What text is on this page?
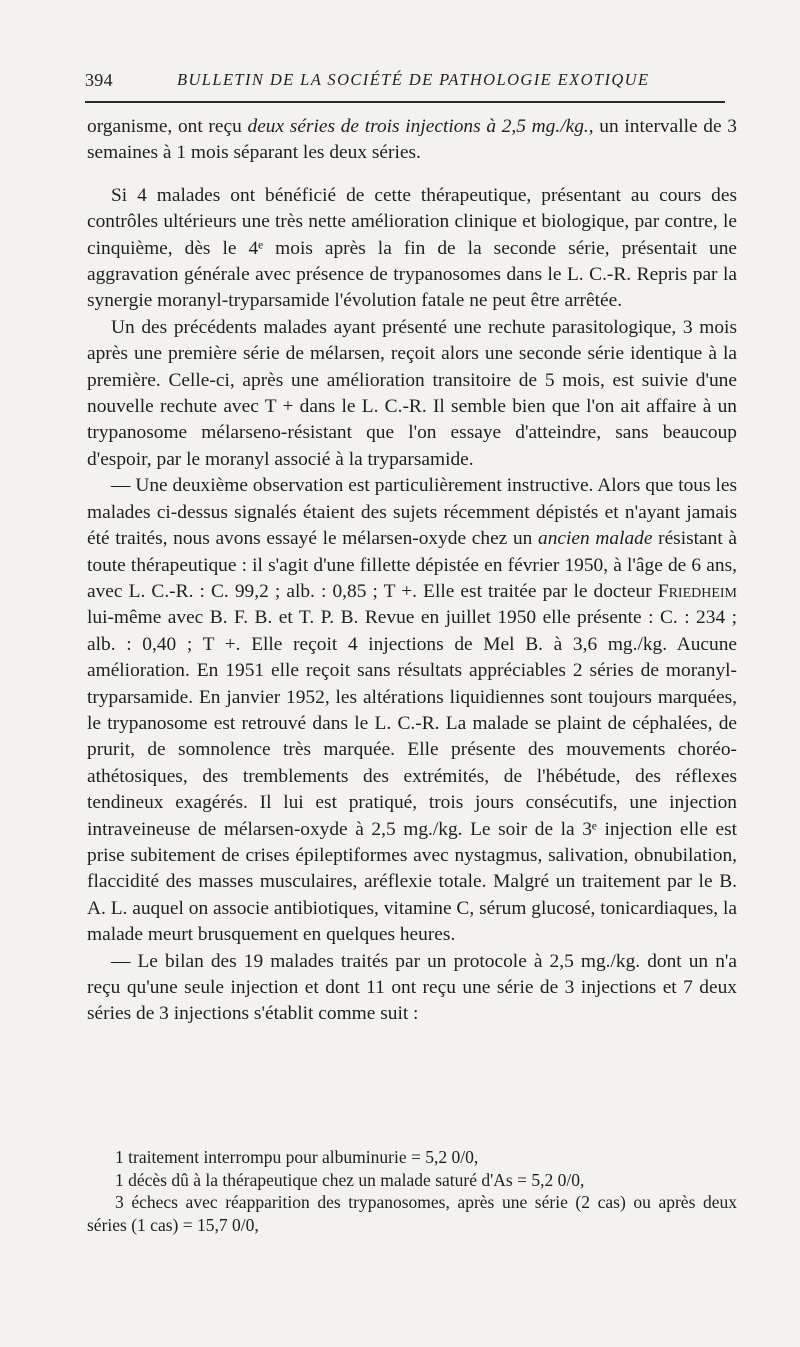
394	BULLETIN DE LA SOCIÉTÉ DE PATHOLOGIE EXOTIQUE

organisme, ont reçu deux séries de trois injections à 2,5 mg./kg., un intervalle de 3 semaines à 1 mois séparant les deux séries.

Si 4 malades ont bénéficié de cette thérapeutique, présentant au cours des contrôles ultérieurs une très nette amélioration clinique et biologique, par contre, le cinquième, dès le 4ᵉ mois après la fin de la seconde série, présentait une aggravation générale avec présence de trypanosomes dans le L. C.-R. Repris par la synergie moranyl-tryparsamide l'évolution fatale ne peut être arrêtée.

Un des précédents malades ayant présenté une rechute parasitologique, 3 mois après une première série de mélarsen, reçoit alors une seconde série identique à la première. Celle-ci, après une amélioration transitoire de 5 mois, est suivie d'une nouvelle rechute avec T + dans le L. C.-R. Il semble bien que l'on ait affaire à un trypanosome mélarseno-résistant que l'on essaye d'atteindre, sans beaucoup d'espoir, par le moranyl associé à la tryparsamide.

— Une deuxième observation est particulièrement instructive. Alors que tous les malades ci-dessus signalés étaient des sujets récemment dépistés et n'ayant jamais été traités, nous avons essayé le mélarsen-oxyde chez un ancien malade résistant à toute thérapeutique : il s'agit d'une fillette dépistée en février 1950, à l'âge de 6 ans, avec L. C.-R. : C. 99,2 ; alb. : 0,85 ; T +. Elle est traitée par le docteur Friedheim lui-même avec B. F. B. et T. P. B. Revue en juillet 1950 elle présente : C. : 234 ; alb. : 0,40 ; T +. Elle reçoit 4 injections de Mel B. à 3,6 mg./kg. Aucune amélioration. En 1951 elle reçoit sans résultats appréciables 2 séries de moranyl-tryparsamide. En janvier 1952, les altérations liquidiennes sont toujours marquées, le trypanosome est retrouvé dans le L. C.-R. La malade se plaint de céphalées, de prurit, de somnolence très marquée. Elle présente des mouvements choréo-athétosiques, des tremblements des extrémités, de l'hébétude, des réflexes tendineux exagérés. Il lui est pratiqué, trois jours consécutifs, une injection intraveineuse de mélarsen-oxyde à 2,5 mg./kg. Le soir de la 3ᵉ injection elle est prise subitement de crises épileptiformes avec nystagmus, salivation, obnubilation, flaccidité des masses musculaires, aréflexie totale. Malgré un traitement par le B. A. L. auquel on associe antibiotiques, vitamine C, sérum glucosé, tonicardiaques, la malade meurt brusquement en quelques heures.

— Le bilan des 19 malades traités par un protocole à 2,5 mg./kg. dont un n'a reçu qu'une seule injection et dont 11 ont reçu une série de 3 injections et 7 deux séries de 3 injections s'établit comme suit :

1 traitement interrompu pour albuminurie = 5,2 0/0,

1 décès dû à la thérapeutique chez un malade saturé d'As = 5,2 0/0,

3 échecs avec réapparition des trypanosomes, après une série (2 cas) ou après deux séries (1 cas) = 15,7 0/0,
